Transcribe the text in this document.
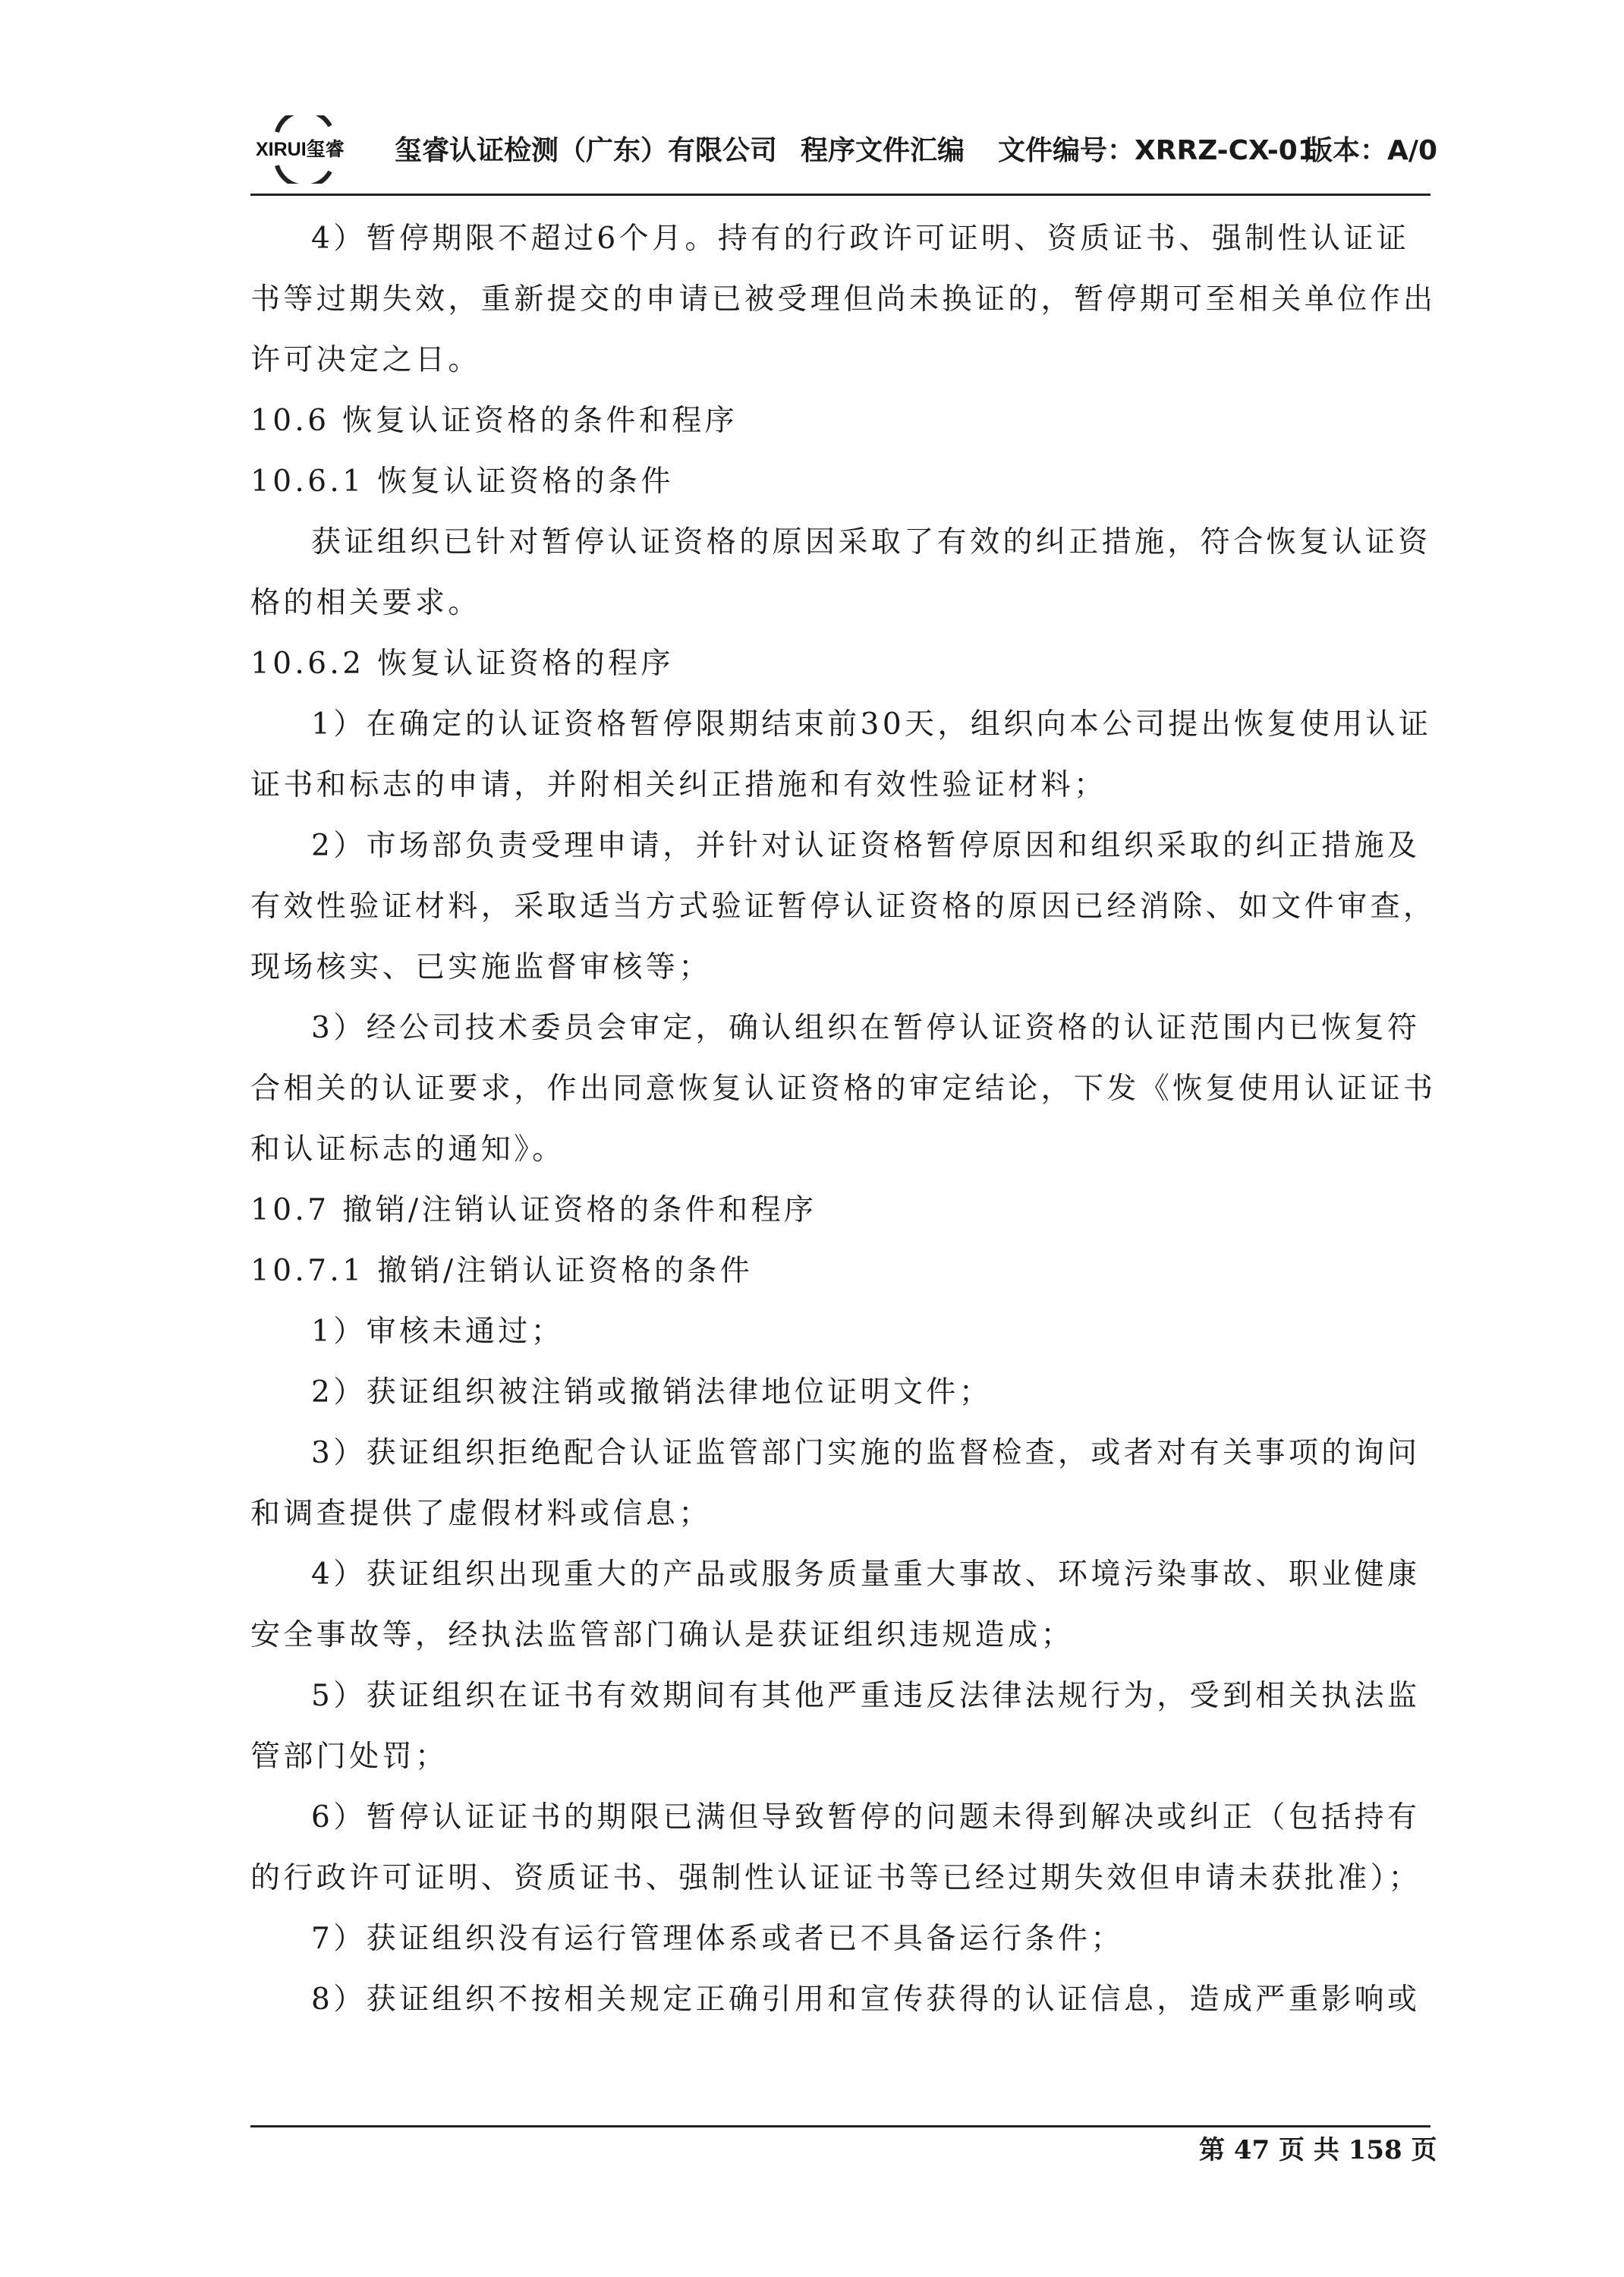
XIRUI玺睿 玺睿认证检测（广东）有限公司 程序文件汇编 文件编号：XRRZ-CX-01
版本：A/0
4）暂停期限不超过6个月。持有的行政许可证明、资质证书、强制性认证证
书等过期失效，重新提交的申请已被受理但尚未换证的，暂停期可至相关单位作出
许可决定之日。
10.6 恢复认证资格的条件和程序
10.6.1 恢复认证资格的条件
获证组织已针对暂停认证资格的原因采取了有效的纠正措施，符合恢复认证资
格的相关要求。
10.6.2 恢复认证资格的程序
1）在确定的认证资格暂停限期结束前30天，组织向本公司提出恢复使用认证
证书和标志的申请，并附相关纠正措施和有效性验证材料；
2）市场部负责受理申请，并针对认证资格暂停原因和组织采取的纠正措施及
有效性验证材料，采取适当方式验证暂停认证资格的原因已经消除、如文件审查，
现场核实、已实施监督审核等；
3）经公司技术委员会审定，确认组织在暂停认证资格的认证范围内已恢复符
合相关的认证要求，作出同意恢复认证资格的审定结论，下发《恢复使用认证证书
和认证标志的通知》。
10.7 撤销/注销认证资格的条件和程序
10.7.1 撤销/注销认证资格的条件
1）审核未通过；
2）获证组织被注销或撤销法律地位证明文件；
3）获证组织拒绝配合认证监管部门实施的监督检查，或者对有关事项的询问
和调查提供了虚假材料或信息；
4）获证组织出现重大的产品或服务质量重大事故、环境污染事故、职业健康
安全事故等，经执法监管部门确认是获证组织违规造成；
5）获证组织在证书有效期间有其他严重违反法律法规行为，受到相关执法监
管部门处罚；
6）暂停认证证书的期限已满但导致暂停的问题未得到解决或纠正（包括持有
的行政许可证明、资质证书、强制性认证证书等已经过期失效但申请未获批准）；
7）获证组织没有运行管理体系或者已不具备运行条件；
8）获证组织不按相关规定正确引用和宣传获得的认证信息，造成严重影响或
第 47 页 共 158 页
